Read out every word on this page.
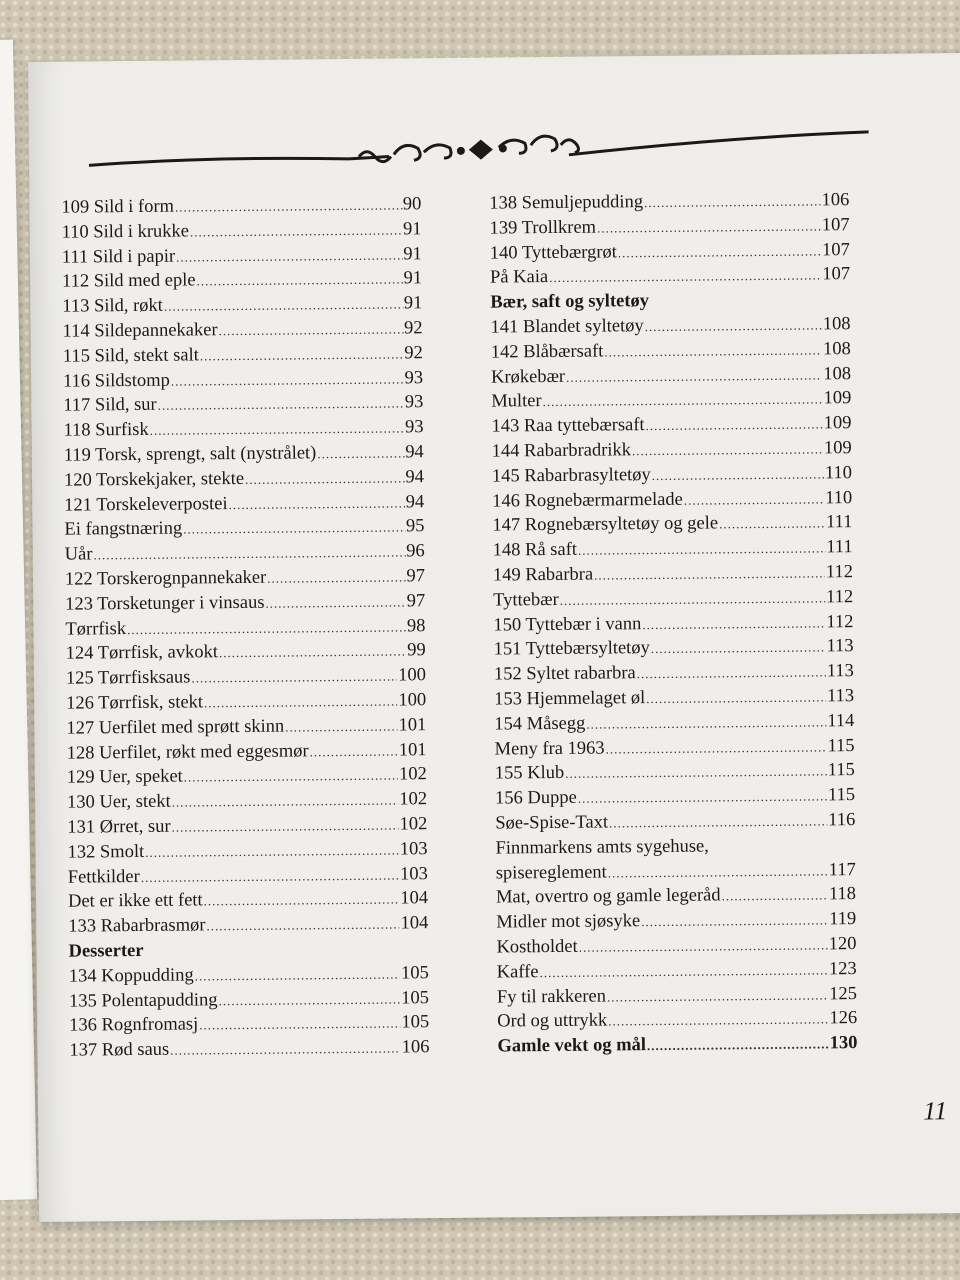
109 Sild i form .....	90
110 Sild i krukke .....	91
111 Sild i papir .....	91
112 Sild med eple .....	91
113 Sild, røkt .....	91
114 Sildepannekaker .....	92
115 Sild, stekt salt .....	92
116 Sildstomp .....	93
117 Sild, sur .....	93
118 Surfisk .....	93
119 Torsk, sprengt, salt (nystrålet) .....	94
120 Torskekjaker, stekte .....	94
121 Torskeleverpostei .....	94
Ei fangstnæring .....	95
Uår .....	96
122 Torskerognpannekaker .....	97
123 Torsketunger i vinsaus .....	97
Tørrfisk .....	98
124 Tørrfisk, avkokt .....	99
125 Tørrfisksaus .....	100
126 Tørrfisk, stekt .....	100
127 Uerfilet med sprøtt skinn .....	101
128 Uerfilet, røkt med eggesmør .....	101
129 Uer, speket .....	102
130 Uer, stekt .....	102
131 Ørret, sur .....	102
132 Smolt .....	103
Fettkilder .....	103
Det er ikke ett fett .....	104
133 Rabarbrasmør .....	104
Desserter
134 Koppudding .....	105
135 Polentapudding .....	105
136 Rognfromasj .....	105
137 Rød saus .....	106
138 Semuljepudding .....	106
139 Trollkrem .....	107
140 Tyttebærgrøt .....	107
På Kaia .....	107
Bær, saft og syltetøy
141 Blandet syltetøy .....	108
142 Blåbærsaft .....	108
Krøkebær .....	108
Multer .....	109
143 Raa tyttebærsaft .....	109
144 Rabarbradrikk .....	109
145 Rabarbrasyltetøy .....	110
146 Rognebærmarmelade .....	110
147 Rognebærsyltetøy og gele .....	111
148 Rå saft .....	111
149 Rabarbra .....	112
Tyttebær .....	112
150 Tyttebær i vann .....	112
151 Tyttebærsyltetøy .....	113
152 Syltet rabarbra .....	113
153 Hjemmelaget øl .....	113
154 Måsegg .....	114
Meny fra 1963 .....	115
155 Klub .....	115
156 Duppe .....	115
Søe-Spise-Taxt .....	116
Finnmarkens amts sygehuse,
spisereglement .....	117
Mat, overtro og gamle legeråd .....	118
Midler mot sjøsyke .....	119
Kostholdet .....	120
Kaffe .....	123
Fy til rakkeren .....	125
Ord og uttrykk .....	126
Gamle vekt og mål .....	130
11
